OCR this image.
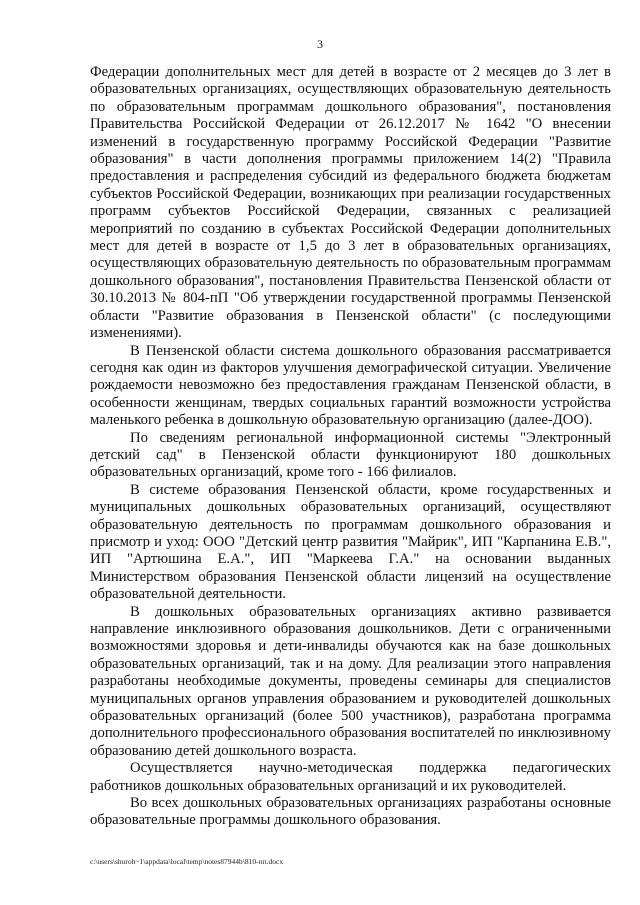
3

Федерации дополнительных мест для детей в возрасте от 2 месяцев до 3 лет в образовательных организациях, осуществляющих образовательную деятельность по образовательным программам дошкольного образования", постановления Правительства Российской Федерации от 26.12.2017 № 1642 "О внесении изменений в государственную программу Российской Федерации "Развитие образования" в части дополнения программы приложением 14(2) "Правила предоставления и распределения субсидий из федерального бюджета бюджетам субъектов Российской Федерации, возникающих при реализации государственных программ субъектов Российской Федерации, связанных с реализацией мероприятий по созданию в субъектах Российской Федерации дополнительных мест для детей в возрасте от 1,5 до 3 лет в образовательных организациях, осуществляющих образовательную деятельность по образовательным программам дошкольного образования", постановления Правительства Пензенской области от 30.10.2013 № 804-пП "Об утверждении государственной программы Пензенской области "Развитие образования в Пензенской области" (с последующими изменениями).

В Пензенской области система дошкольного образования рассматривается сегодня как один из факторов улучшения демографической ситуации. Увеличение рождаемости невозможно без предоставления гражданам Пензенской области, в особенности женщинам, твердых социальных гарантий возможности устройства маленького ребенка в дошкольную образовательную организацию (далее-ДОО).

По сведениям региональной информационной системы "Электронный детский сад" в Пензенской области функционируют 180 дошкольных образовательных организаций, кроме того - 166 филиалов.

В системе образования Пензенской области, кроме государственных и муниципальных дошкольных образовательных организаций, осуществляют образовательную деятельность по программам дошкольного образования и присмотр и уход: ООО "Детский центр развития "Майрик", ИП "Карпанина Е.В.", ИП "Артюшина Е.А.", ИП "Маркеева Г.А." на основании выданных Министерством образования Пензенской области лицензий на осуществление образовательной деятельности.

В дошкольных образовательных организациях активно развивается направление инклюзивного образования дошкольников. Дети с ограниченными возможностями здоровья и дети-инвалиды обучаются как на базе дошкольных образовательных организаций, так и на дому. Для реализации этого направления разработаны необходимые документы, проведены семинары для специалистов муниципальных органов управления образованием и руководителей дошкольных образовательных организаций (более 500 участников), разработана программа дополнительного профессионального образования воспитателей по инклюзивному образованию детей дошкольного возраста.

Осуществляется научно-методическая поддержка педагогических работников дошкольных образовательных организаций и их руководителей.

Во всех дошкольных образовательных организациях разработаны основные образовательные программы дошкольного образования.

c:\users\shuroh~1\appdata\local\temp\notes87944b\810-пп.docx
